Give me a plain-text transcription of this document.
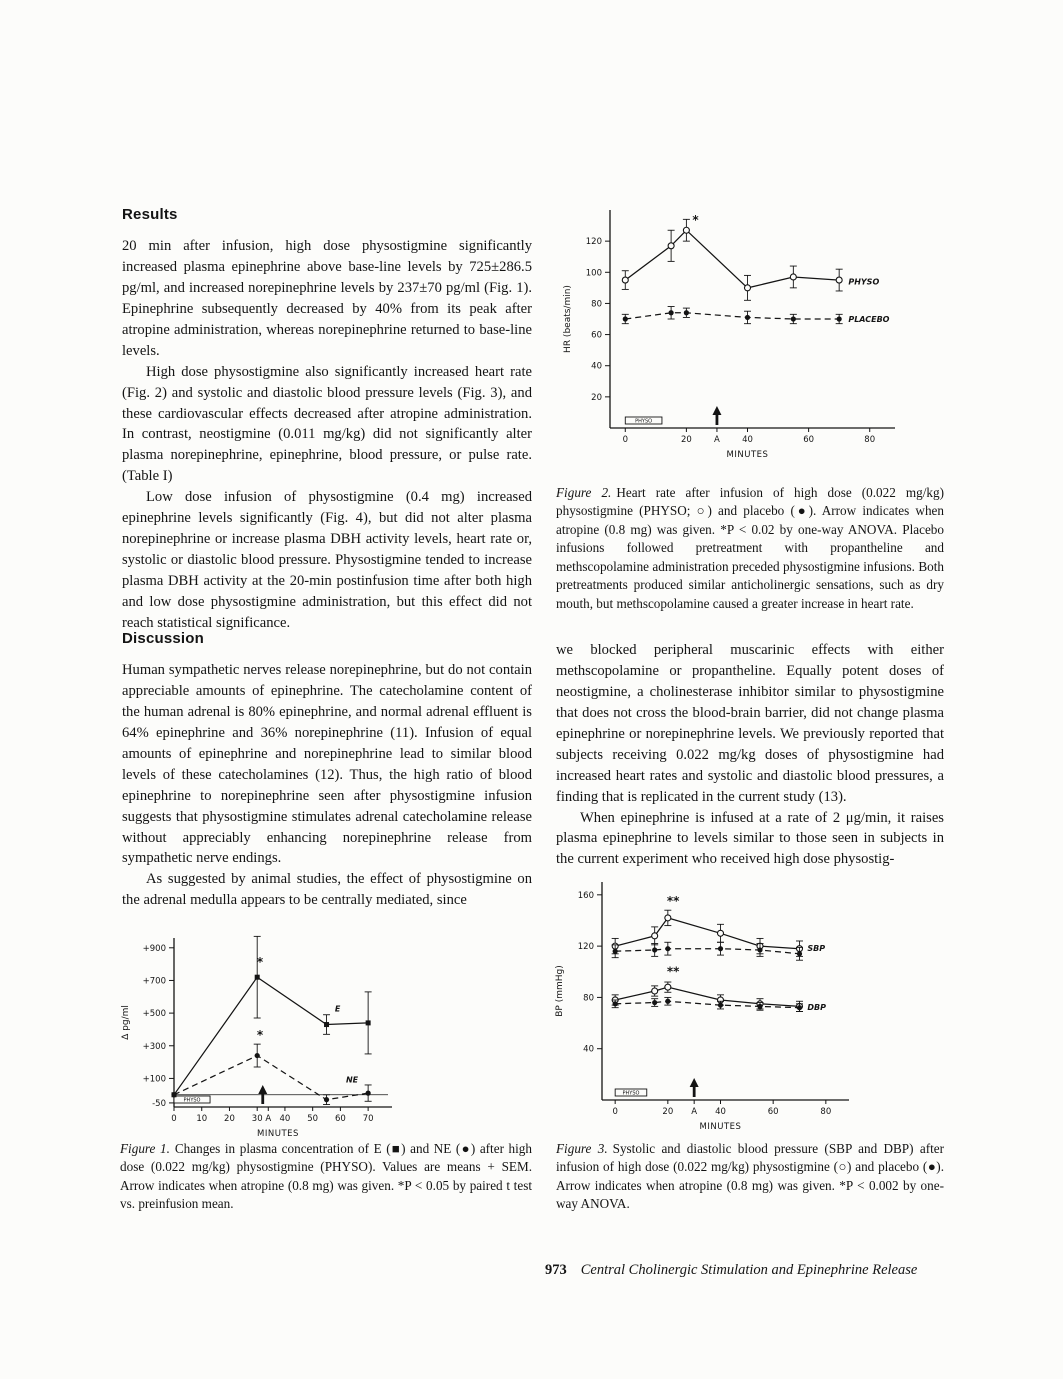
Results

20 min after infusion, high dose physostigmine significantly increased plasma epinephrine above base-line levels by 725±286.5 pg/ml, and increased norepinephrine levels by 237±70 pg/ml (Fig. 1). Epinephrine subsequently decreased by 40% from its peak after atropine administration, whereas norepinephrine returned to base-line levels.

High dose physostigmine also significantly increased heart rate (Fig. 2) and systolic and diastolic blood pressure levels (Fig. 3), and these cardiovascular effects decreased after atropine administration. In contrast, neostigmine (0.011 mg/kg) did not significantly alter plasma norepinephrine, epinephrine, blood pressure, or pulse rate. (Table I)

Low dose infusion of physostigmine (0.4 mg) increased epinephrine levels significantly (Fig. 4), but did not alter plasma norepinephrine or increase plasma DBH activity levels, heart rate or, systolic or diastolic blood pressure. Physostigmine tended to increase plasma DBH activity at the 20-min postinfusion time after both high and low dose physostigmine administration, but this effect did not reach statistical significance.

20
40
60
80
100
120
0	20	A	40	60	80
HR (beats/min)
MINUTES
PHYSO
PHYSO
PLACEBO
*

Figure 2. Heart rate after infusion of high dose (0.022 mg/kg) physostigmine (PHYSO; ○) and placebo (●). Arrow indicates when atropine (0.8 mg) was given. *P < 0.02 by one-way ANOVA. Placebo infusions followed pretreatment with propantheline and methscopolamine administration preceded physostigmine infusions. Both pretreatments produced similar anticholinergic sensations, such as dry mouth, but methscopolamine caused a greater increase in heart rate.

Discussion

Human sympathetic nerves release norepinephrine, but do not contain appreciable amounts of epinephrine. The catecholamine content of the human adrenal is 80% epinephrine, and normal adrenal effluent is 64% epinephrine and 36% norepinephrine (11). Infusion of equal amounts of epinephrine and norepinephrine lead to similar blood levels of these catecholamines (12). Thus, the high ratio of blood epinephrine to norepinephrine seen after physostigmine infusion suggests that physostigmine stimulates adrenal catecholamine release without appreciably enhancing norepinephrine release from sympathetic nerve endings.

As suggested by animal studies, the effect of physostigmine on the adrenal medulla appears to be centrally mediated, since

we blocked peripheral muscarinic effects with either methscopolamine or propantheline. Equally potent doses of neostigmine, a cholinesterase inhibitor similar to physostigmine that does not cross the blood-brain barrier, did not change plasma epinephrine or norepinephrine levels. We previously reported that subjects receiving 0.022 mg/kg doses of physostigmine had increased heart rates and systolic and diastolic blood pressures, a finding that is replicated in the current study (13).

When epinephrine is infused at a rate of 2 μg/min, it raises plasma epinephrine to levels similar to those seen in subjects in the current experiment who received high dose physostig-

-50
+100
+300
+500
+700
+900
0 10 20 30 A 40 50 60 70
Δ pg/ml
MINUTES
PHYSO
E
NE
*
*

Figure 1. Changes in plasma concentration of E (■) and NE (●) after high dose (0.022 mg/kg) physostigmine (PHYSO). Values are means + SEM. Arrow indicates when atropine (0.8 mg) was given. *P < 0.05 by paired t test vs. preinfusion mean.

40
80
120
160
0	20 A 40	60	80
BP (mmHg)
MINUTES
PHYSO
SBP
DBP
**
**

Figure 3. Systolic and diastolic blood pressure (SBP and DBP) after infusion of high dose (0.022 mg/kg) physostigmine (○) and placebo (●). Arrow indicates when atropine (0.8 mg) was given. *P < 0.002 by one-way ANOVA.

973 Central Cholinergic Stimulation and Epinephrine Release
